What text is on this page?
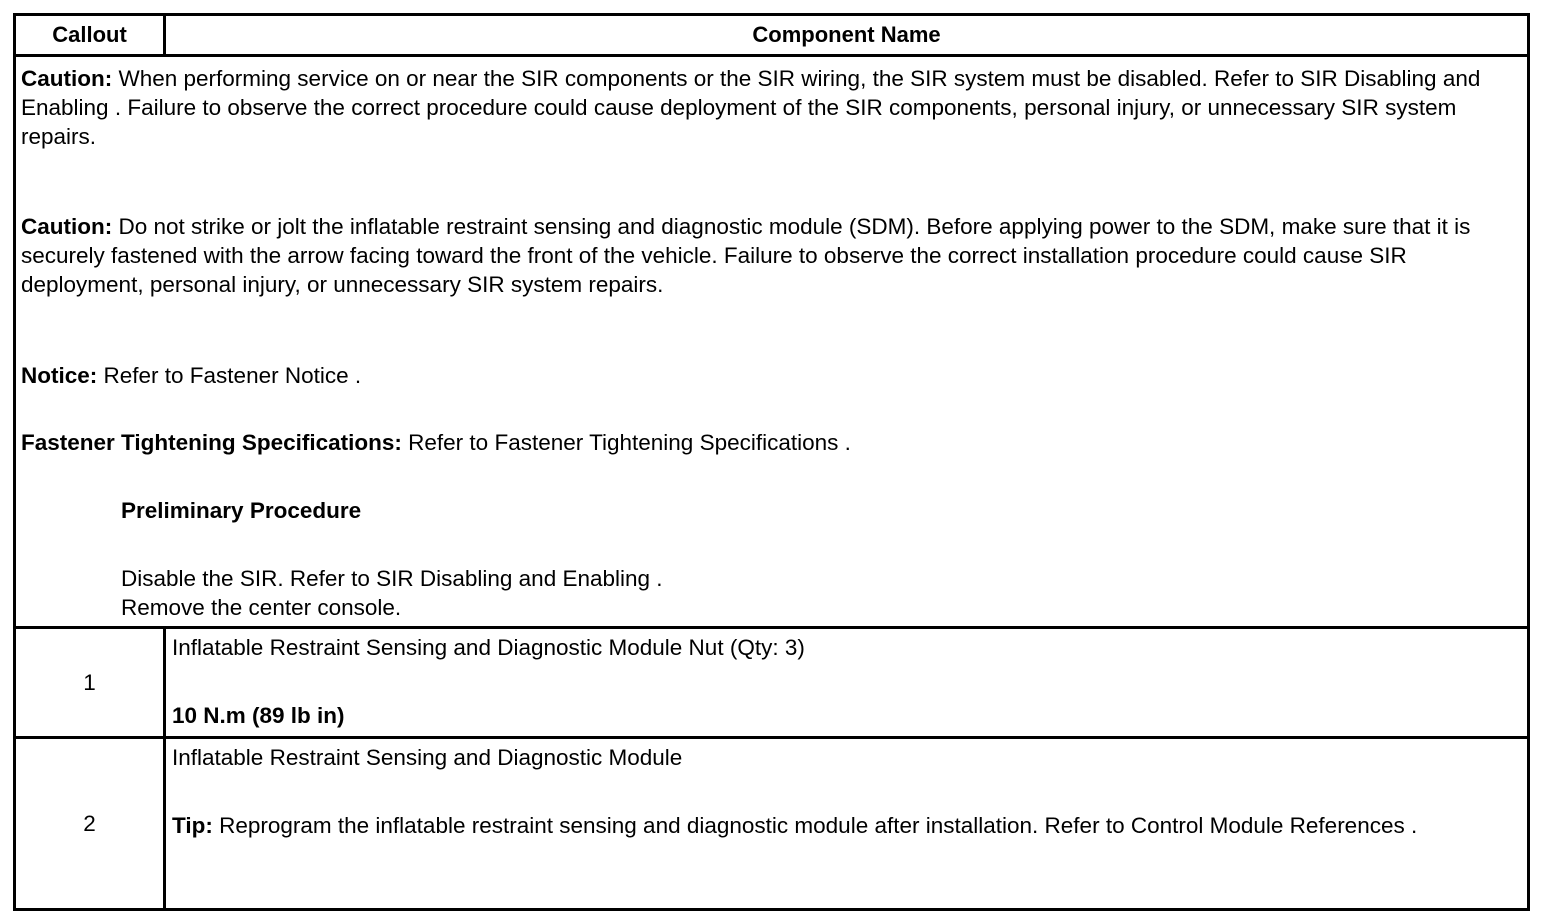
Callout	Component Name

Caution: When performing service on or near the SIR components or the SIR wiring, the SIR system must be disabled. Refer to SIR Disabling and Enabling . Failure to observe the correct procedure could cause deployment of the SIR components, personal injury, or unnecessary SIR system repairs.

Caution: Do not strike or jolt the inflatable restraint sensing and diagnostic module (SDM). Before applying power to the SDM, make sure that it is securely fastened with the arrow facing toward the front of the vehicle. Failure to observe the correct installation procedure could cause SIR deployment, personal injury, or unnecessary SIR system repairs.

Notice: Refer to Fastener Notice .

Fastener Tightening Specifications: Refer to Fastener Tightening Specifications .

Preliminary Procedure

Disable the SIR. Refer to SIR Disabling and Enabling .

Remove the center console.

1

Inflatable Restraint Sensing and Diagnostic Module Nut (Qty: 3)

10 N.m (89 lb in)

2

Inflatable Restraint Sensing and Diagnostic Module

Tip: Reprogram the inflatable restraint sensing and diagnostic module after installation. Refer to Control Module References .
